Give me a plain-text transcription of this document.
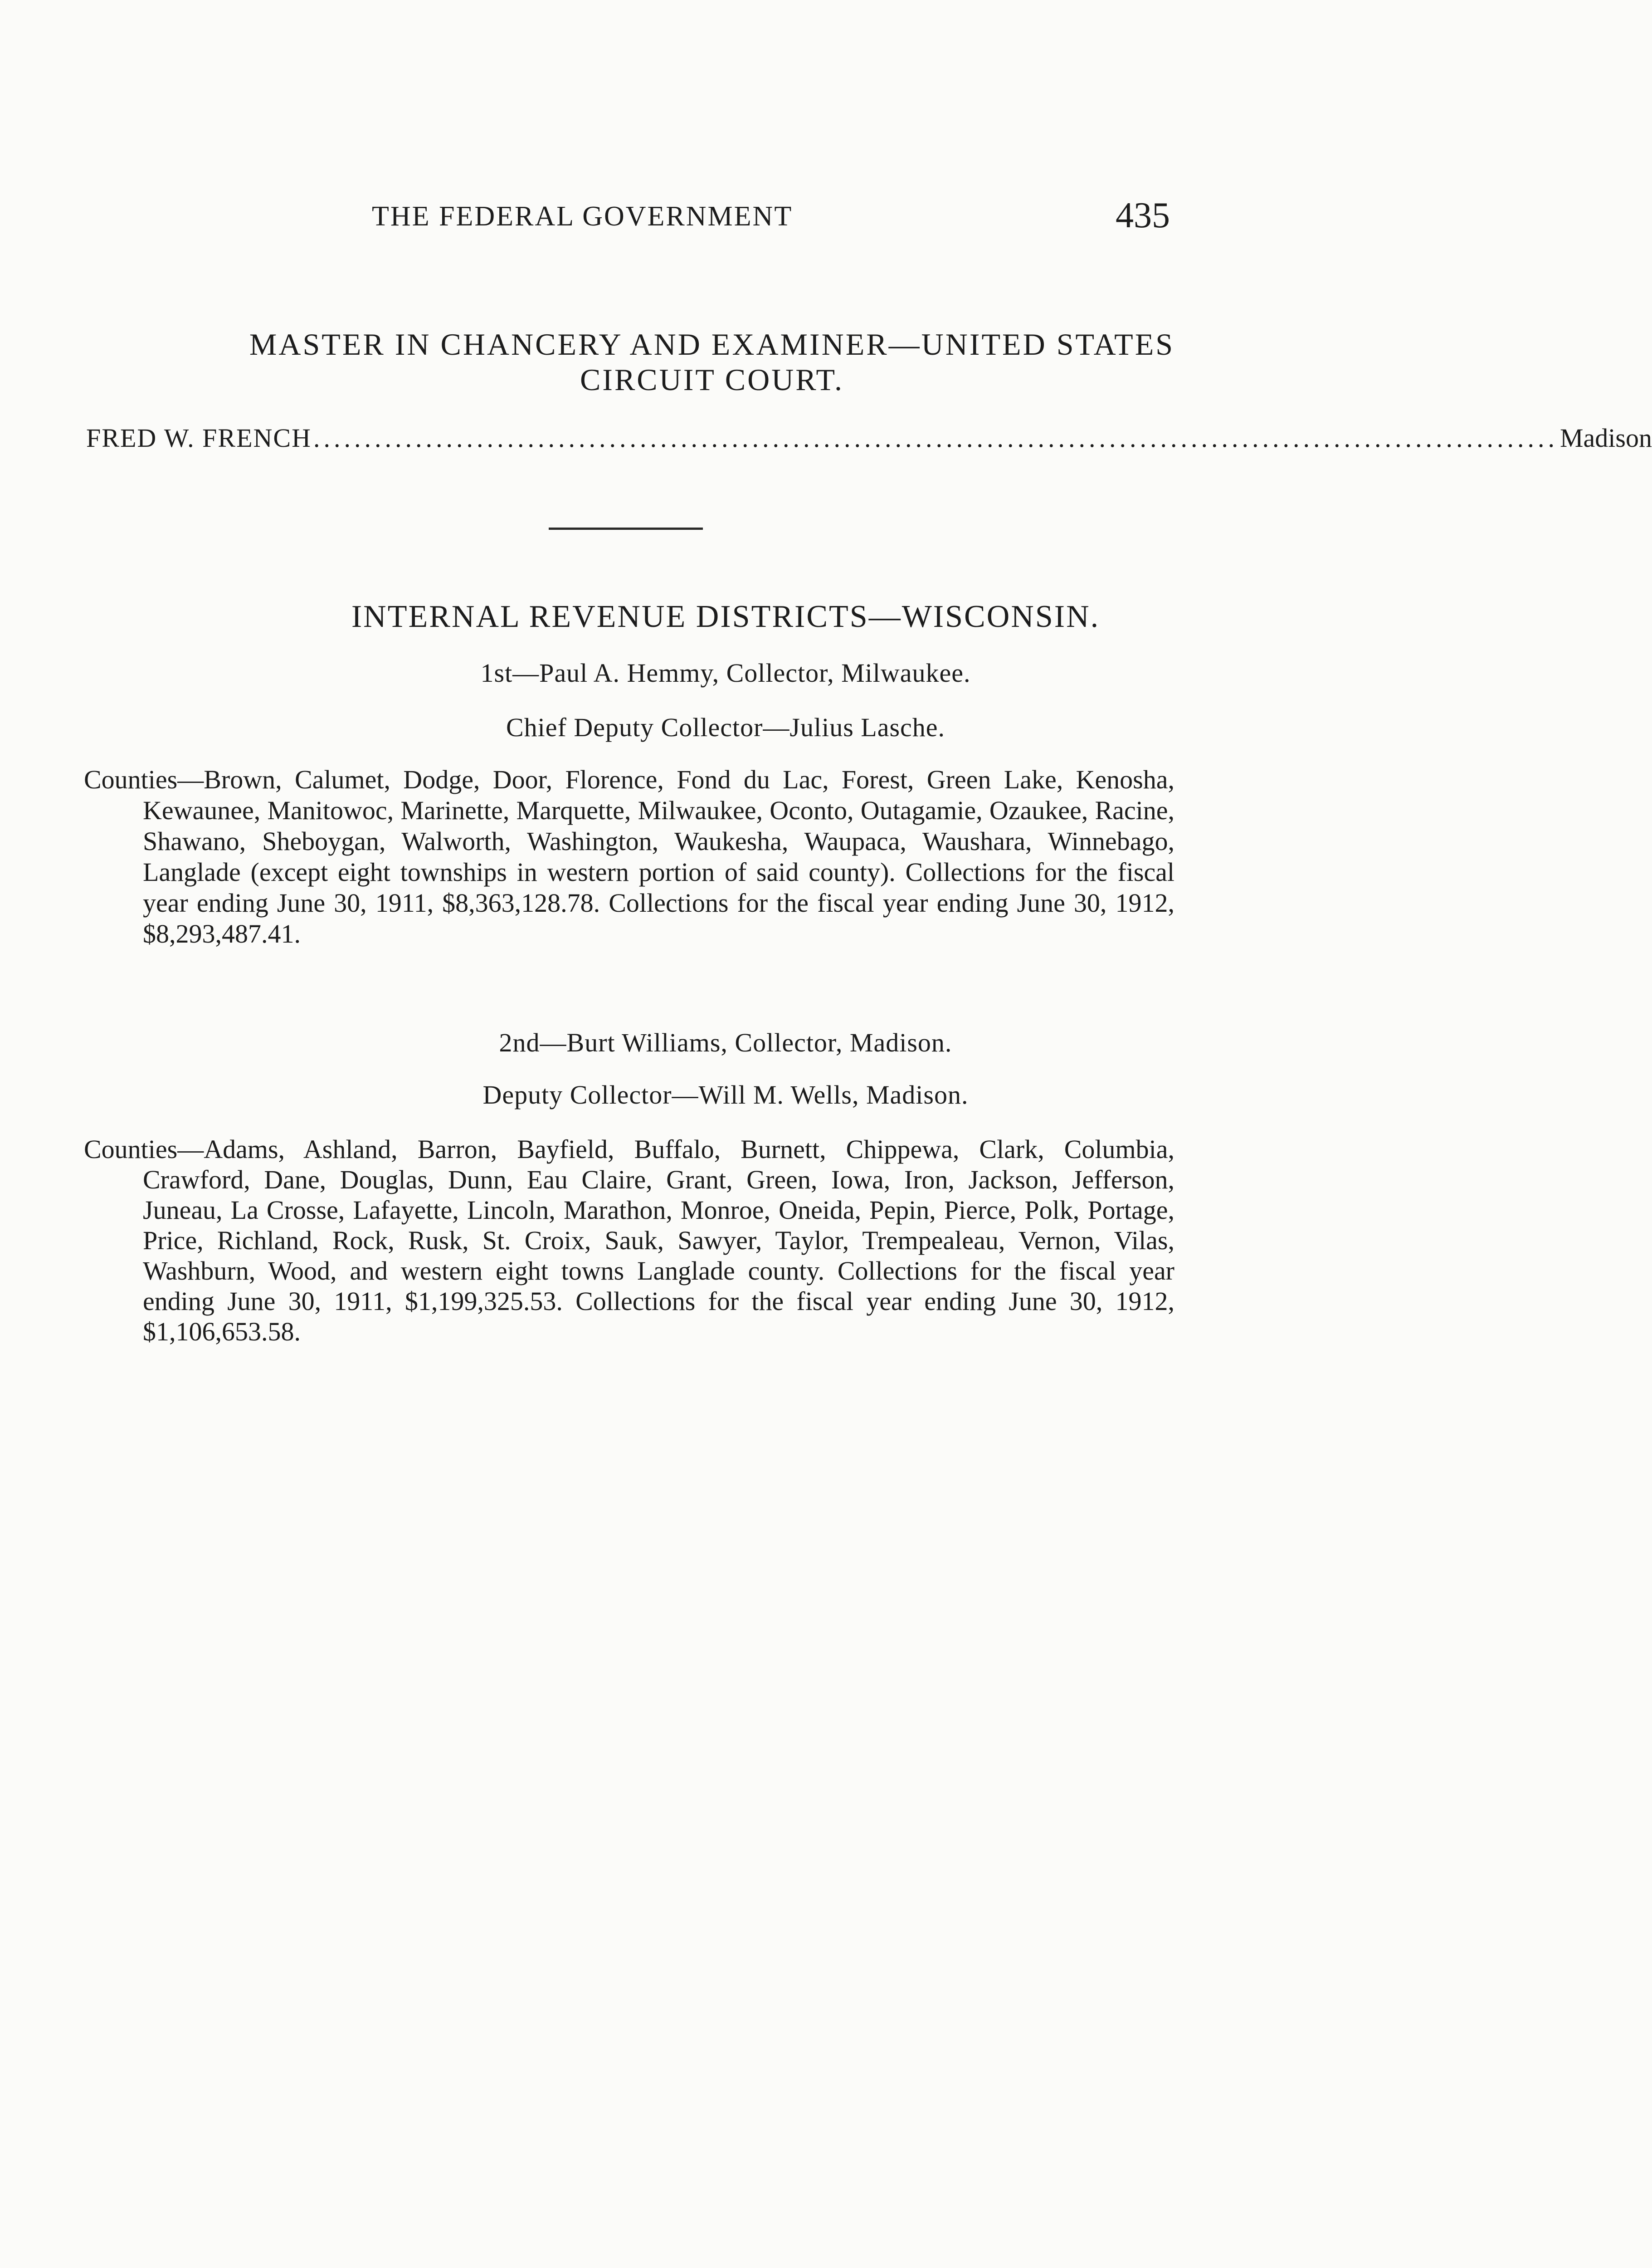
THE FEDERAL GOVERNMENT	435
MASTER IN CHANCERY AND EXAMINER—UNITED STATES
CIRCUIT COURT.
FRED W. FRENCH .......................................................................................................................... Madison
INTERNAL REVENUE DISTRICTS—WISCONSIN.
1st—Paul A. Hemmy, Collector, Milwaukee.
Chief Deputy Collector—Julius Lasche.
Counties—Brown, Calumet, Dodge, Door, Florence, Fond du Lac, Forest, Green Lake, Kenosha, Kewaunee, Manitowoc, Marinette, Marquette, Milwaukee, Oconto, Outagamie, Ozaukee, Racine, Shawano, Sheboygan, Walworth, Washington, Waukesha, Waupaca, Waushara, Winnebago, Langlade (except eight townships in western portion of said county). Collections for the fiscal year ending June 30, 1911, $8,363,128.78. Collections for the fiscal year ending June 30, 1912, $8,293,487.41.
2nd—Burt Williams, Collector, Madison.
Deputy Collector—Will M. Wells, Madison.
Counties—Adams, Ashland, Barron, Bayfield, Buffalo, Burnett, Chippewa, Clark, Columbia, Crawford, Dane, Douglas, Dunn, Eau Claire, Grant, Green, Iowa, Iron, Jackson, Jefferson, Juneau, La Crosse, Lafayette, Lincoln, Marathon, Monroe, Oneida, Pepin, Pierce, Polk, Portage, Price, Richland, Rock, Rusk, St. Croix, Sauk, Sawyer, Taylor, Trempealeau, Vernon, Vilas, Washburn, Wood, and western eight towns Langlade county. Collections for the fiscal year ending June 30, 1911, $1,199,325.53. Collections for the fiscal year ending June 30, 1912, $1,106,653.58.
